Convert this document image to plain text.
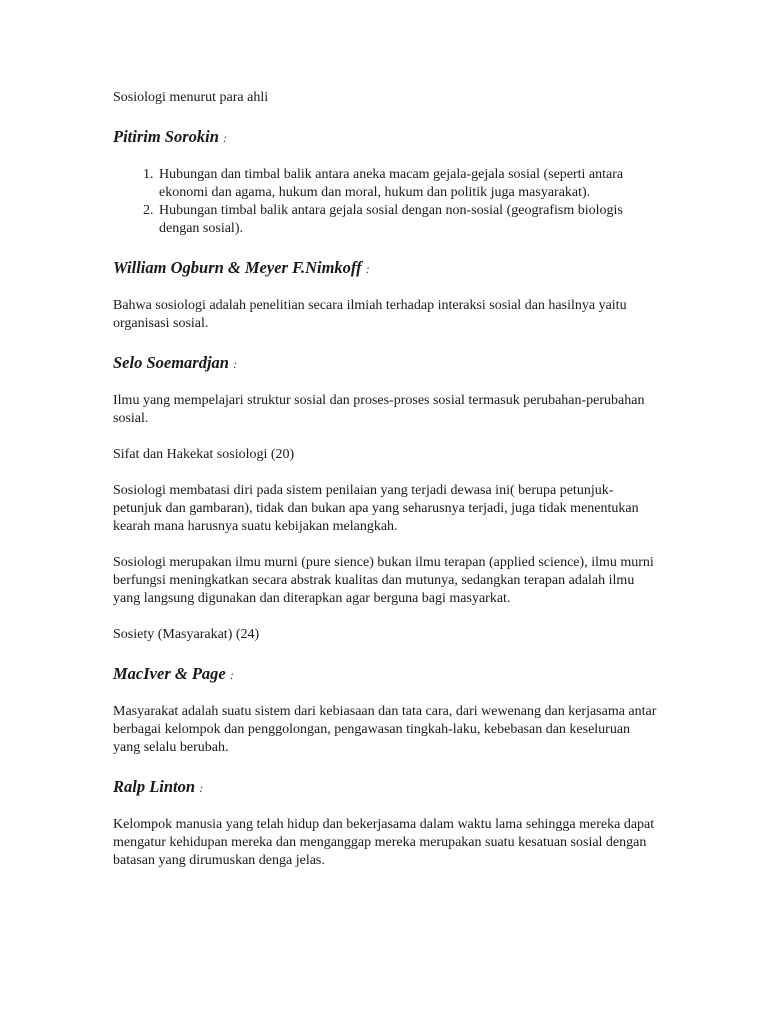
Sosiologi menurut para ahli

Pitirim Sorokin :
1. Hubungan dan timbal balik antara aneka macam gejala-gejala sosial (seperti antara ekonomi dan agama, hukum dan moral, hukum dan politik juga masyarakat).
2. Hubungan timbal balik antara gejala sosial dengan non-sosial (geografism biologis dengan sosial).
William Ogburn & Meyer F.Nimkoff :

Bahwa sosiologi adalah penelitian secara ilmiah terhadap interaksi sosial dan hasilnya yaitu organisasi sosial.

Selo Soemardjan :

Ilmu yang mempelajari struktur sosial dan proses-proses sosial termasuk perubahan-perubahan sosial.

Sifat dan Hakekat sosiologi (20)

Sosiologi membatasi diri pada sistem penilaian yang terjadi dewasa ini( berupa petunjuk-petunjuk dan gambaran), tidak dan bukan apa yang seharusnya terjadi, juga tidak menentukan kearah mana harusnya suatu kebijakan melangkah.

Sosiologi merupakan ilmu murni (pure sience) bukan ilmu terapan (applied science), ilmu murni berfungsi meningkatkan secara abstrak kualitas dan mutunya, sedangkan terapan adalah ilmu yang langsung digunakan dan diterapkan agar berguna bagi masyarkat.

Sosiety (Masyarakat) (24)

MacIver & Page :

Masyarakat adalah suatu sistem dari kebiasaan dan tata cara, dari wewenang dan kerjasama antar berbagai kelompok dan penggolongan, pengawasan tingkah-laku, kebebasan dan keseluruan yang selalu berubah.

Ralp Linton :

Kelompok manusia yang telah hidup dan bekerjasama dalam waktu lama sehingga mereka dapat mengatur kehidupan mereka dan menganggap mereka merupakan suatu kesatuan sosial dengan batasan yang dirumuskan denga jelas.
